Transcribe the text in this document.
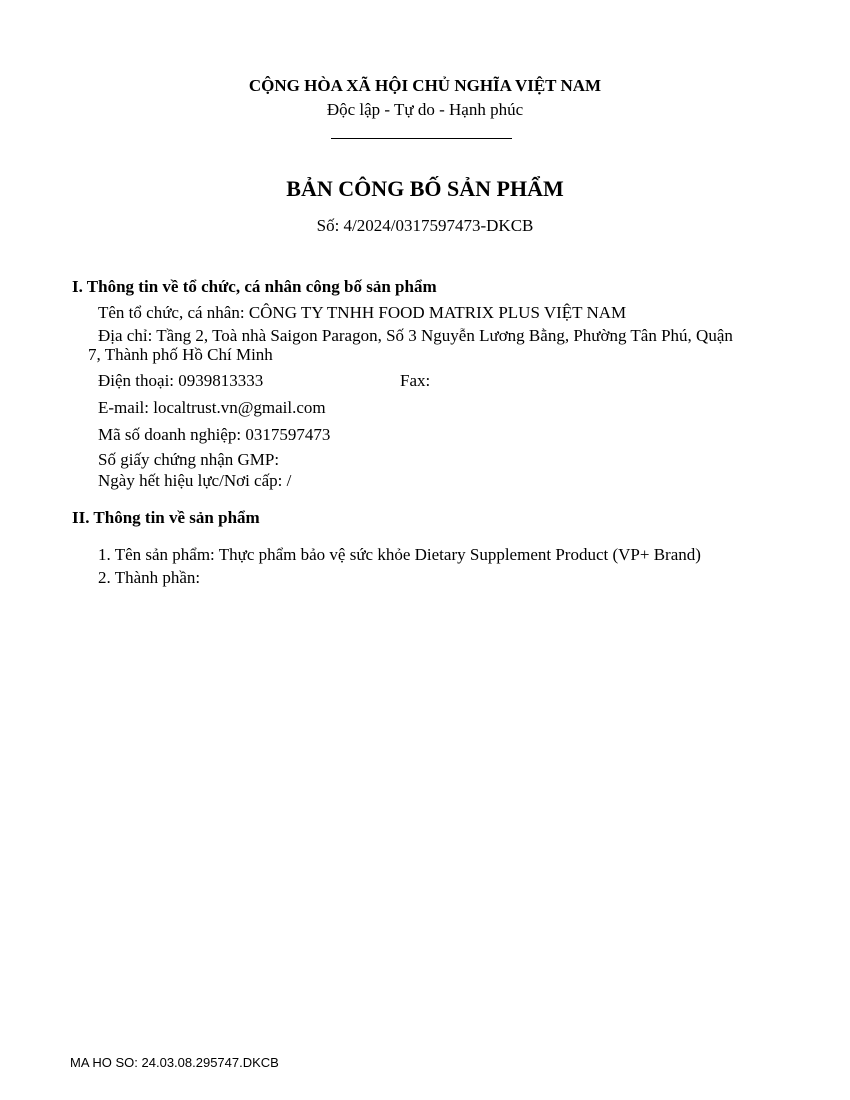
CỘNG HÒA XÃ HỘI CHỦ NGHĨA VIỆT NAM
Độc lập - Tự do - Hạnh phúc
BẢN CÔNG BỐ SẢN PHẨM
Số: 4/2024/0317597473-DKCB
I. Thông tin về tổ chức, cá nhân công bố sản phẩm
Tên tổ chức, cá nhân: CÔNG TY TNHH FOOD MATRIX PLUS VIỆT NAM
Địa chỉ: Tầng 2, Toà nhà Saigon Paragon, Số 3 Nguyễn Lương Bằng, Phường Tân Phú, Quận
7, Thành phố Hồ Chí Minh
Điện thoại: 0939813333	Fax:
E-mail: localtrust.vn@gmail.com
Mã số doanh nghiệp: 0317597473
Số giấy chứng nhận GMP:
Ngày hết hiệu lực/Nơi cấp: /
II. Thông tin về sản phẩm
1. Tên sản phẩm: Thực phẩm bảo vệ sức khỏe Dietary Supplement Product (VP+ Brand)
2. Thành phần:
MA HO SO: 24.03.08.295747.DKCB
